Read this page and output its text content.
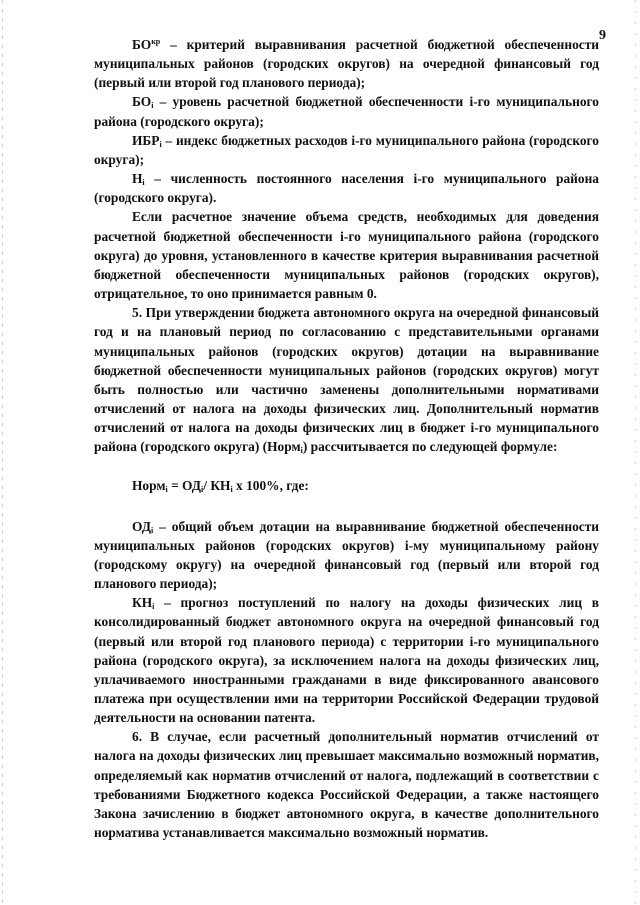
9

$БО^{кр}$ – критерий выравнивания расчетной бюджетной обеспеченности муниципальных районов (городских округов) на очередной финансовый год (первый или второй год планового периода);

$БО_i$ – уровень расчетной бюджетной обеспеченности i-го муниципального района (городского округа);

$ИБР_i$ – индекс бюджетных расходов i-го муниципального района (городского округа);

$Н_i$ – численность постоянного населения i-го муниципального района (городского округа).

Если расчетное значение объема средств, необходимых для доведения расчетной бюджетной обеспеченности i-го муниципального района (городского округа) до уровня, установленного в качестве критерия выравнивания расчетной бюджетной обеспеченности муниципальных районов (городских округов), отрицательное, то оно принимается равным 0.

5. При утверждении бюджета автономного округа на очередной финансовый год и на плановый период по согласованию с представительными органами муниципальных районов (городских округов) дотации на выравнивание бюджетной обеспеченности муниципальных районов (городских округов) могут быть полностью или частично заменены дополнительными нормативами отчислений от налога на доходы физических лиц. Дополнительный норматив отчислений от налога на доходы физических лиц в бюджет i-го муниципального района (городского округа) (Норм$_i$) рассчитывается по следующей формуле:

Норм$_i$ = $ОД_i/$ $КН_i$ х 100%, где:

$ОД_i$ – общий объем дотации на выравнивание бюджетной обеспеченности муниципальных районов (городских округов) i-му муниципальному району (городскому округу) на очередной финансовый год (первый или второй год планового периода);

$КН_i$ – прогноз поступлений по налогу на доходы физических лиц в консолидированный бюджет автономного округа на очередной финансовый год (первый или второй год планового периода) с территории i-го муниципального района (городского округа), за исключением налога на доходы физических лиц, уплачиваемого иностранными гражданами в виде фиксированного авансового платежа при осуществлении ими на территории Российской Федерации трудовой деятельности на основании патента.

6. В случае, если расчетный дополнительный норматив отчислений от налога на доходы физических лиц превышает максимально возможный норматив, определяемый как норматив отчислений от налога, подлежащий в соответствии с требованиями Бюджетного кодекса Российской Федерации, а также настоящего Закона зачислению в бюджет автономного округа, в качестве дополнительного норматива устанавливается максимально возможный норматив.
